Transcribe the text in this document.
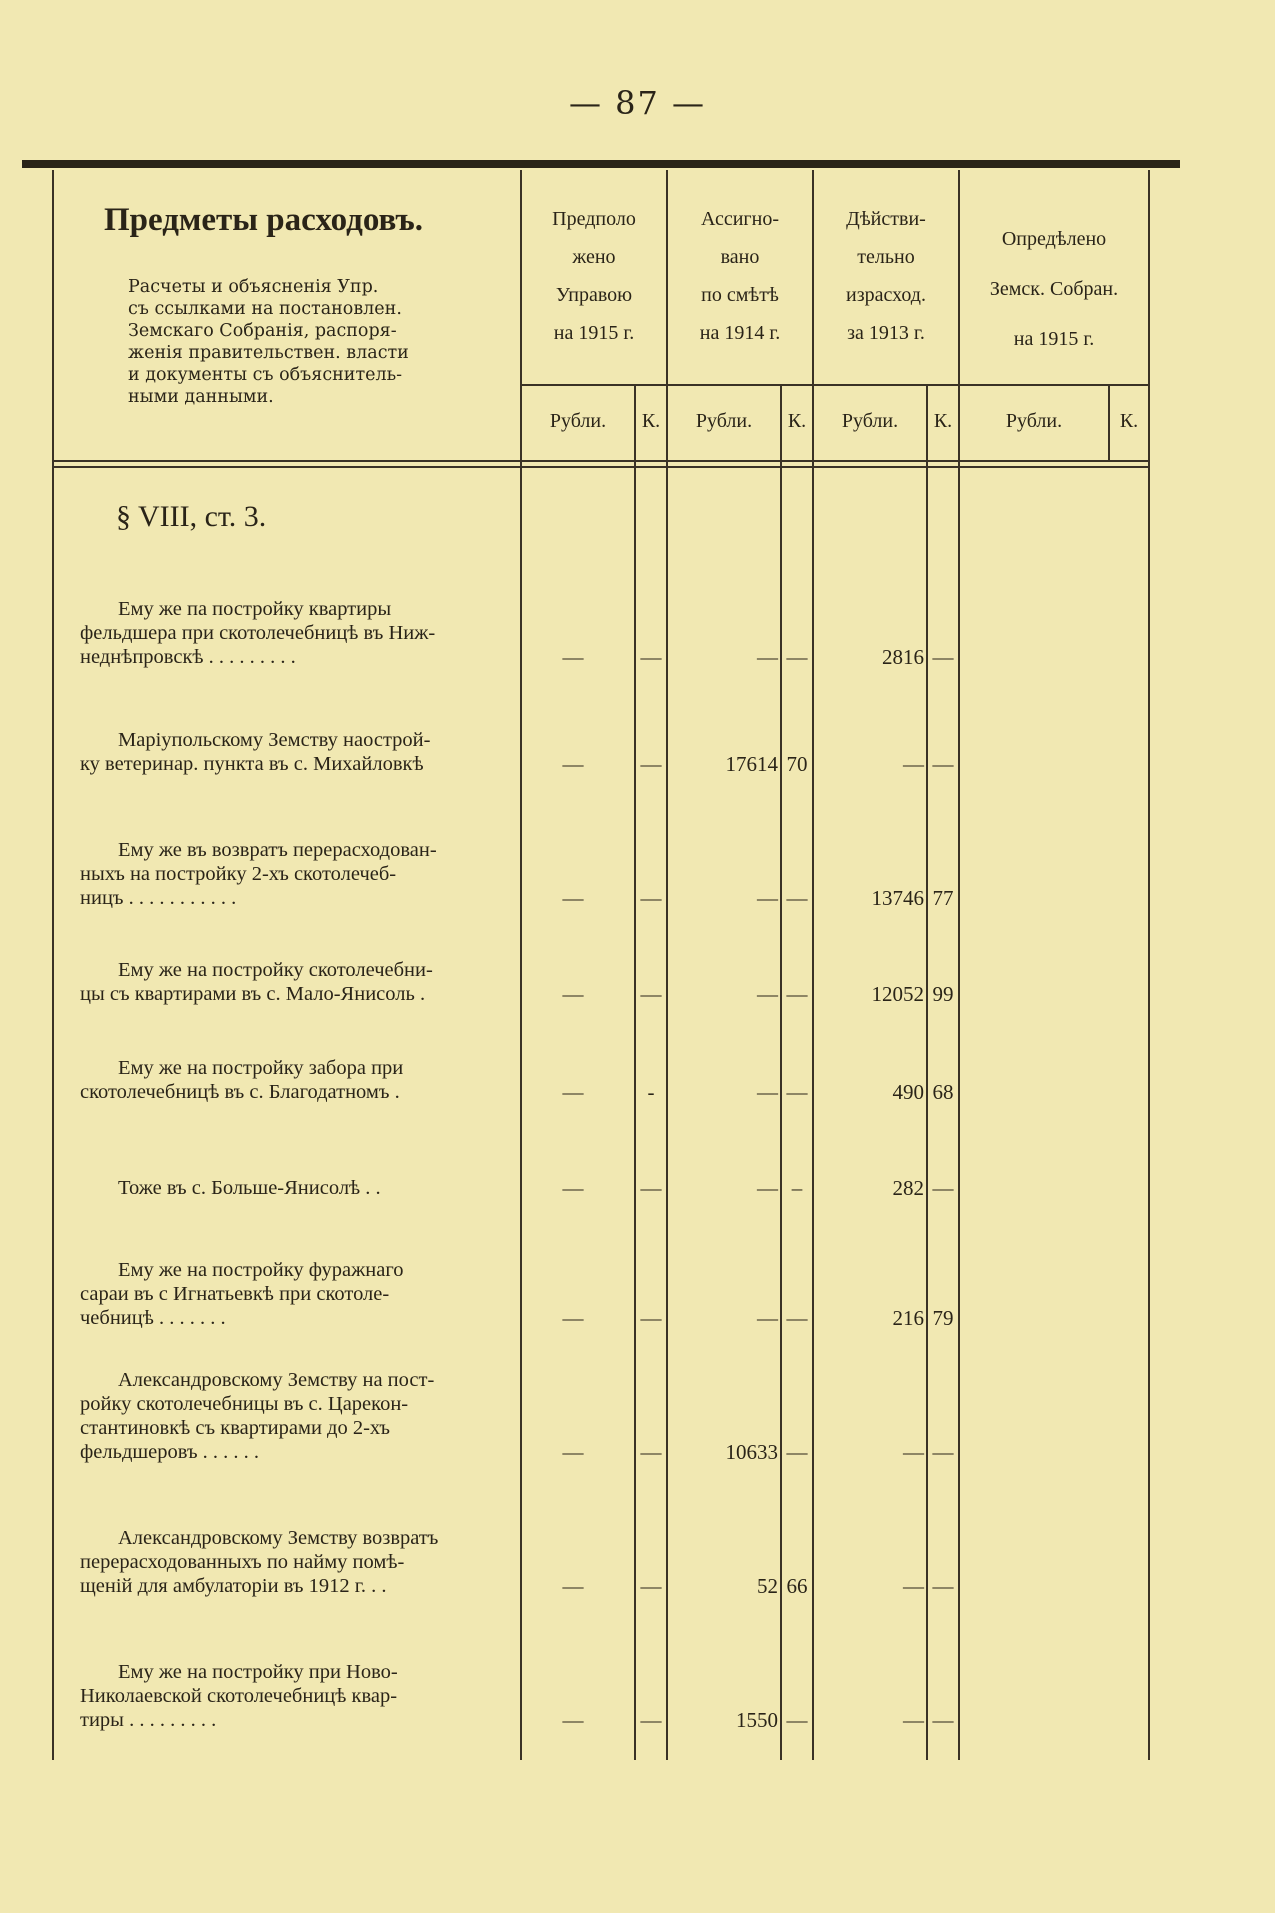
— 87 —
Предметы расходовъ.
Расчеты и объясненія Упр.
съ ссылками на постановлен.
Земскаго Собранія, распоря-
женія правительствен. власти
и документы съ объяснитель-
ными данными.
Предполо
жено
Управою
на 1915 г.
Ассигно-
вано
по смѣтѣ
на 1914 г.
Дѣйстви-
тельно
израсход.
за 1913 г.
Опредѣлено
Земск. Собран.
на 1915 г.
Рубли.	К.	Рубли.	К.	Рубли.	К.	Рубли.	К.
§ VIII, ст. 3.
Ему же па постройку квартиры
фельдшера при скотолечебницѣ въ Ниж-
неднѣпровскѣ . . . . . . . . .	—	—	— —	2816 —
Маріупольскому Земству наострой-
ку ветеринар. пункта въ с. Михайловкѣ	—	—	17614 70	— —
Ему же въ возвратъ перерасходован-
ныхъ на постройку 2-хъ скотолечеб-
ницъ . . . . . . . . . . .	—	—	— —	13746 77
Ему же на постройку скотолечебни-
цы съ квартирами въ с. Мало-Янисоль .	—	—	— —	12052 99
Ему же на постройку забора при
скотолечебницѣ въ с. Благодатномъ .	—	-	— —	490 68
Тоже въ с. Больше-Янисолѣ . .	—	—	— –	282 —
Ему же на постройку фуражнаго
сараи въ с Игнатьевкѣ при скотоле-
чебницѣ . . . . . . .	—	—	— —	216 79
Александровскому Земству на пост-
ройку скотолечебницы въ с. Царекон-
стантиновкѣ съ квартирами до 2-хъ
фельдшеровъ . . . . . .	—	—	10633 —	— —
Александровскому Земству возвратъ
перерасходованныхъ по найму помѣ-
щеній для амбулаторіи въ 1912 г. . .	—	—	52 66	— —
Ему же на постройку при Ново-
Николаевской скотолечебницѣ квар-
тиры . . . . . . . . .	—	—	1550 —	— —
